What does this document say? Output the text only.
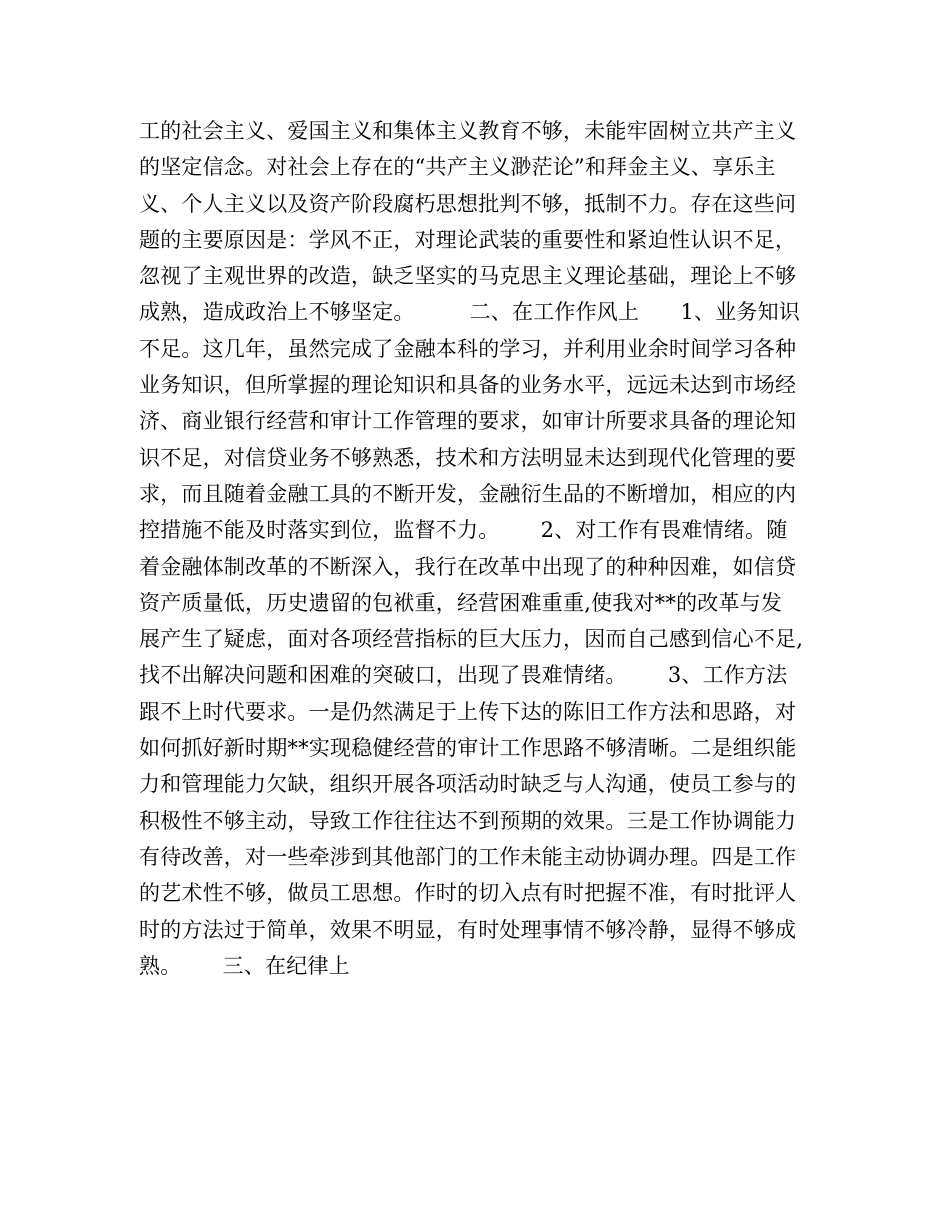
工的社会主义、爱国主义和集体主义教育不够，未能牢固树立共产主义
的坚定信念。对社会上存在的“共产主义渺茫论”和拜金主义、享乐主
义、个人主义以及资产阶段腐朽思想批判不够，抵制不力。存在这些问
题的主要原因是：学风不正，对理论武装的重要性和紧迫性认识不足，
忽视了主观世界的改造，缺乏坚实的马克思主义理论基础，理论上不够
成熟，造成政治上不够坚定。        二、在工作作风上      1、业务知识
不足。这几年，虽然完成了金融本科的学习，并利用业余时间学习各种
业务知识，但所掌握的理论知识和具备的业务水平，远远未达到市场经
济、商业银行经营和审计工作管理的要求，如审计所要求具备的理论知
识不足，对信贷业务不够熟悉，技术和方法明显未达到现代化管理的要
求，而且随着金融工具的不断开发，金融衍生品的不断增加，相应的内
控措施不能及时落实到位，监督不力。      2、对工作有畏难情绪。随
着金融体制改革的不断深入，我行在改革中出现了的种种因难，如信贷
资产质量低，历史遗留的包袱重，经营困难重重,使我对**的改革与发
展产生了疑虑，面对各项经营指标的巨大压力，因而自己感到信心不足,
找不出解决问题和困难的突破口，出现了畏难情绪。      3、工作方法
跟不上时代要求。一是仍然满足于上传下达的陈旧工作方法和思路，对
如何抓好新时期**实现稳健经营的审计工作思路不够清晰。二是组织能
力和管理能力欠缺，组织开展各项活动时缺乏与人沟通，使员工参与的
积极性不够主动，导致工作往往达不到预期的效果。三是工作协调能力
有待改善，对一些牵涉到其他部门的工作未能主动协调办理。四是工作
的艺术性不够，做员工思想。作时的切入点有时把握不准，有时批评人
时的方法过于简单，效果不明显，有时处理事情不够冷静，显得不够成
熟。      三、在纪律上
